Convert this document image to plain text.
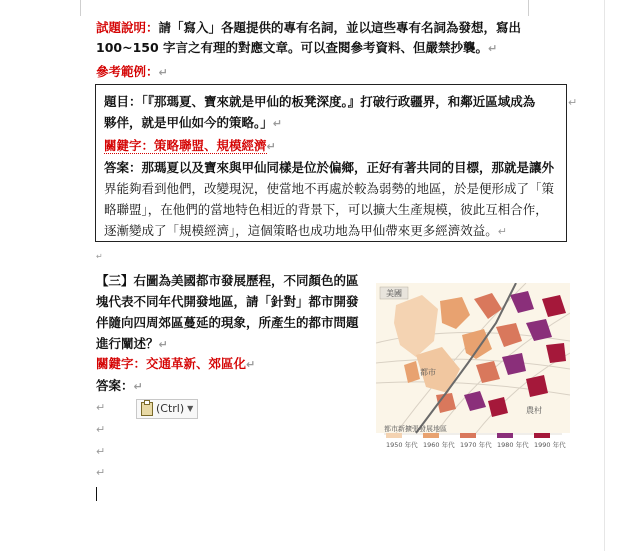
試題說明：請「寫入」各題提供的專有名詞，並以這些專有名詞為發想，寫出
100~150 字言之有理的對應文章。可以查閱參考資料、但嚴禁抄襲。↵
參考範例：↵
題目：「『那瑪夏、寶來就是甲仙的板凳深度。』打破行政疆界，和鄰近區域成為
夥伴，就是甲仙如今的策略。」↵
關鍵字：策略聯盟、規模經濟↵
答案：那瑪夏以及寶來與甲仙同樣是位於偏鄉，正好有著共同的目標，那就是讓外
界能夠看到他們，改變現況，使當地不再處於較為弱勢的地區，於是便形成了「策
略聯盟」，在他們的當地特色相近的背景下，可以擴大生產規模，彼此互相合作，
逐漸變成了「規模經濟」，這個策略也成功地為甲仙帶來更多經濟效益。↵
↵
↵
【三】右圖為美國都市發展歷程，不同顏色的區
塊代表不同年代開發地區，請「針對」都市開發
伴隨向四周郊區蔓延的現象，所產生的都市問題
進行闡述？↵
關鍵字：交通革新、郊區化↵
答案：↵
↵
↵
↵
↵
(Ctrl) ▼
美國
都市
農村
都市新擴張發展地區
1950 年代 1960 年代 1970 年代 1980 年代 1990 年代
